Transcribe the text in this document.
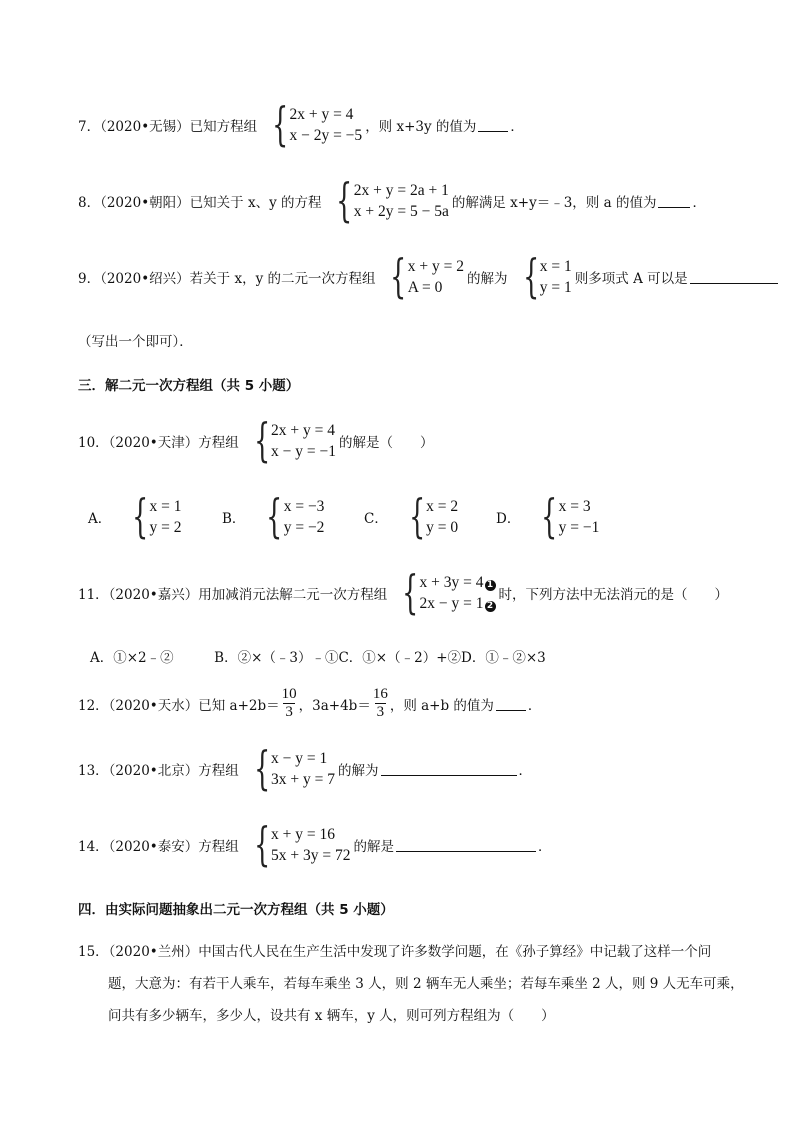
7．（2020•无锡）已知方程组 { 2x + y = 4
x − 2y = −5 ，则 x+3y 的值为	．
8．（2020•朝阳）已知关于 x、y 的方程 { 2x + y = 2a + 1
x + 2y = 5 − 5a 的解满足 x+y＝﹣3，则 a 的值为	．
9．（2020•绍兴）若关于 x，y 的二元一次方程组 { x + y = 2
A = 0	的解为 { x = 1
y = 1 则多项式 A 可以是
（写出一个即可）．
三．解二元一次方程组（共 5 小题）
10．（2020•天津）方程组 { 2x + y = 4
x − y = −1 的解是（　　）
A． { x = 1
y = 2	B． { x = −3
y = −2	C． { x = 2
y = 0	D． { x = 3
y = −1
11．（2020•嘉兴）用加减消元法解二元一次方程组 { x + 3y = 4 1
2x − y = 1 2
时，下列方法中无法消元的是（　　）
A．①×2﹣②　　　B．②×（﹣3）﹣①C．①×（﹣2）+②D．①﹣②×3
12．（2020•天水）已知 $a+2b= \frac{10}{3}$ ，$3a+4b= \frac{16}{3}$ ，则 a+b 的值为	．
13．（2020•北京）方程组 { x − y = 1
3x + y = 7 的解为	．
14．（2020•泰安）方程组 { x + y = 16
5x + 3y = 72 的解是	．
四．由实际问题抽象出二元一次方程组（共 5 小题）
15．（2020•兰州）中国古代人民在生产生活中发现了许多数学问题，在《孙子算经》中记载了这样一个问
题，大意为：有若干人乘车，若每车乘坐 3 人，则 2 辆车无人乘坐；若每车乘坐 2 人，则 9 人无车可乘，
问共有多少辆车，多少人，设共有 x 辆车，y 人，则可列方程组为（　　）
